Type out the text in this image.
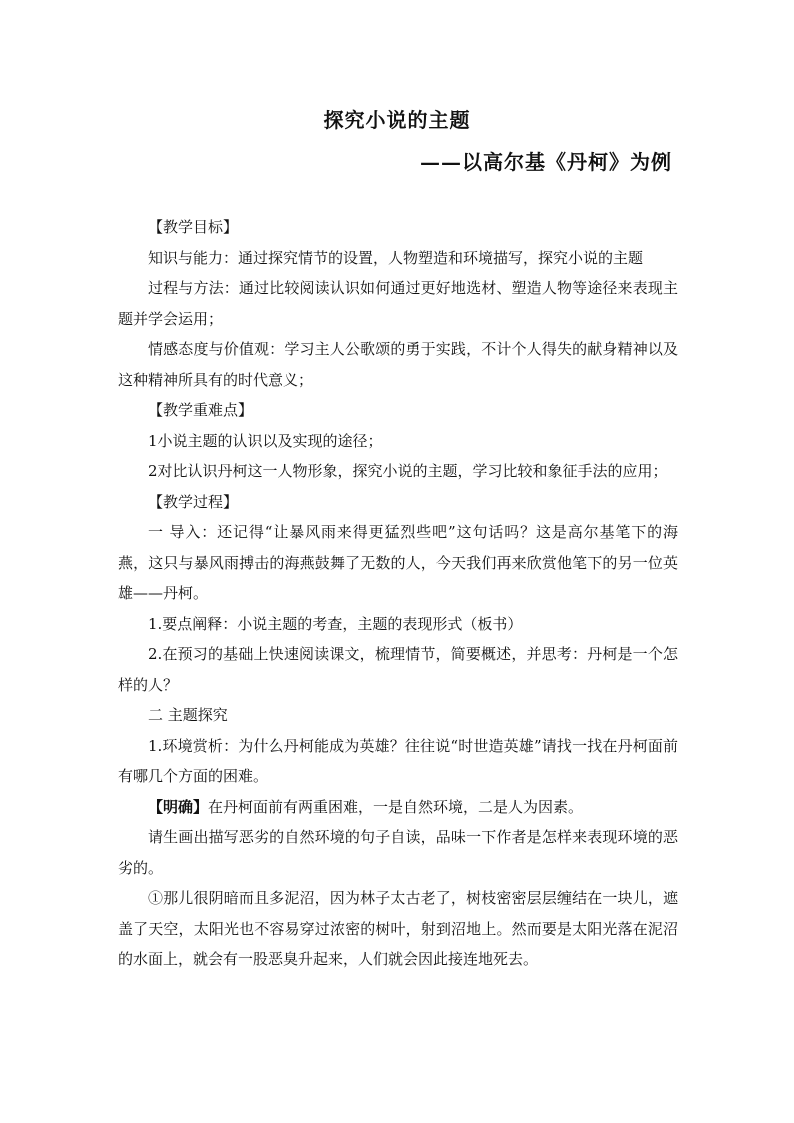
探究小说的主题
——以高尔基《丹柯》为例

【教学目标】

知识与能力：通过探究情节的设置，人物塑造和环境描写，探究小说的主题

过程与方法：通过比较阅读认识如何通过更好地选材、塑造人物等途径来表现主题并学会运用；

情感态度与价值观：学习主人公歌颂的勇于实践，不计个人得失的献身精神以及这种精神所具有的时代意义；

【教学重难点】

1小说主题的认识以及实现的途径；

2对比认识丹柯这一人物形象，探究小说的主题，学习比较和象征手法的应用；

【教学过程】

一 导入：还记得“让暴风雨来得更猛烈些吧”这句话吗？这是高尔基笔下的海燕，这只与暴风雨搏击的海燕鼓舞了无数的人，今天我们再来欣赏他笔下的另一位英雄——丹柯。

1.要点阐释：小说主题的考查，主题的表现形式（板书）

2.在预习的基础上快速阅读课文，梳理情节，简要概述，并思考：丹柯是一个怎样的人？

二 主题探究

1.环境赏析：为什么丹柯能成为英雄？往往说“时世造英雄”请找一找在丹柯面前有哪几个方面的困难。

【明确】在丹柯面前有两重困难，一是自然环境，二是人为因素。

请生画出描写恶劣的自然环境的句子自读，品味一下作者是怎样来表现环境的恶劣的。

①那儿很阴暗而且多泥沼，因为林子太古老了，树枝密密层层缠结在一块儿，遮盖了天空，太阳光也不容易穿过浓密的树叶，射到沼地上。然而要是太阳光落在泥沼的水面上，就会有一股恶臭升起来，人们就会因此接连地死去。
